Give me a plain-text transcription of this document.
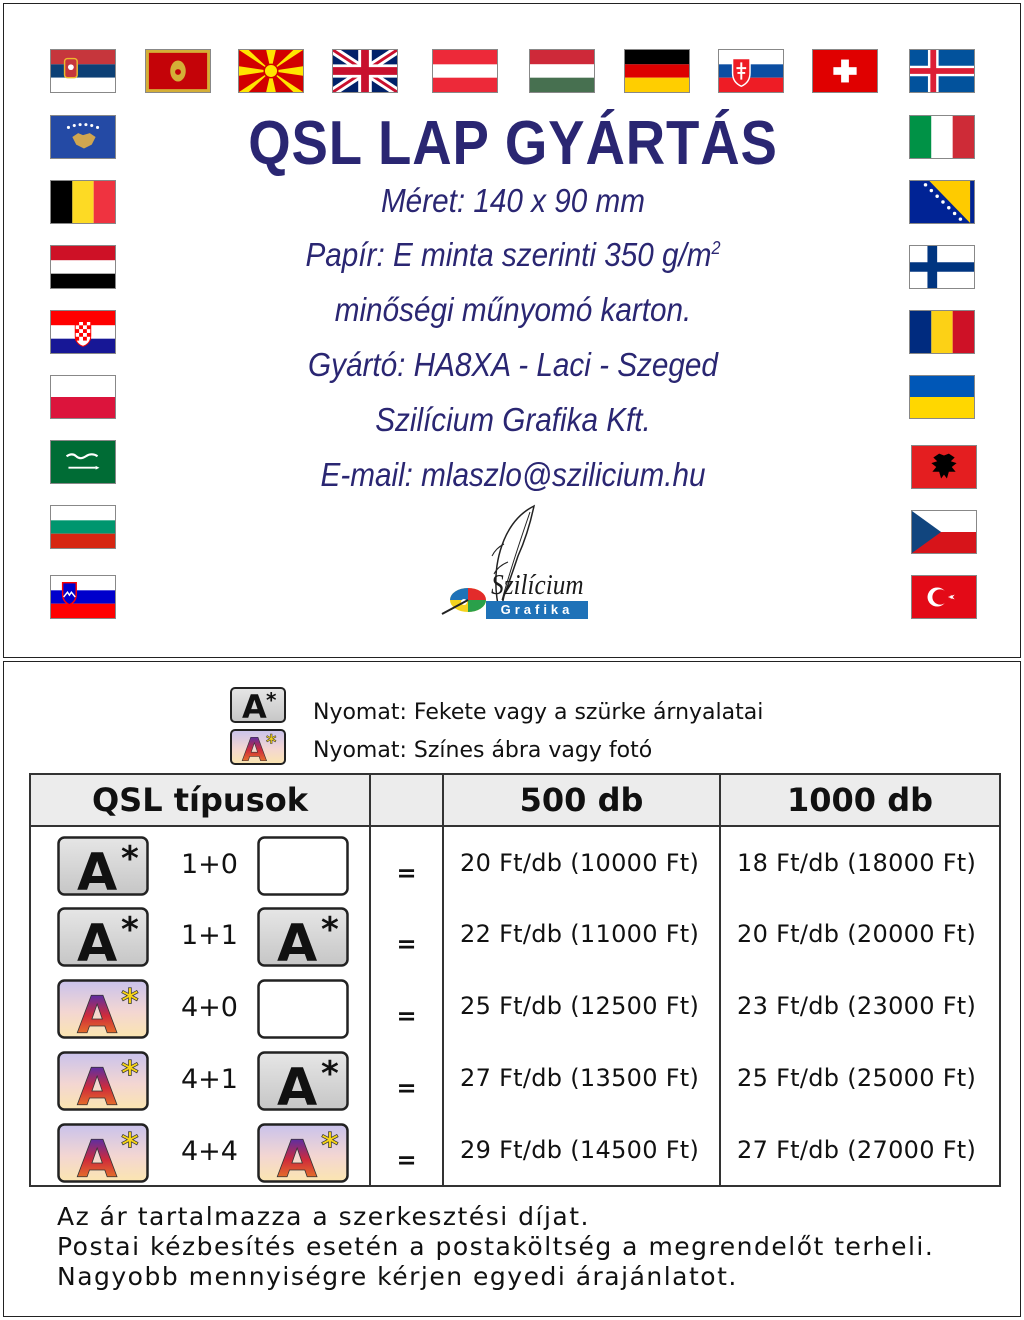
QSL LAP GYÁRTÁS
Méret: 140 x 90 mm
Papír: E minta szerinti 350 $g/m^2$
minőségi műnyomó karton.
Gyártó: HA8XA - Laci - Szeged
Szilícium Grafika Kft.
E-mail: mlaszlo@szilicium.hu
Szilícium
Grafika
A * Nyomat: Fekete vagy a szürke árnyalatai
A * Nyomat: Színes ábra vagy fotó
QSL típusok		500 db	1000 db

A * 1+0	=	20 Ft/db (10000 Ft)	18 Ft/db (18000 Ft)

A * 1+1 A *	=	22 Ft/db (11000 Ft)	20 Ft/db (20000 Ft)

A * 4+0	=	25 Ft/db (12500 Ft)	23 Ft/db (23000 Ft)

A * 4+1 A *	=	27 Ft/db (13500 Ft)	25 Ft/db (25000 Ft)

A * 4+4 A *	=	29 Ft/db (14500 Ft)	27 Ft/db (27000 Ft)
Az ár tartalmazza a szerkesztési díjat.
Postai kézbesítés esetén a postaköltség a megrendelőt terheli.
Nagyobb mennyiségre kérjen egyedi árajánlatot.
